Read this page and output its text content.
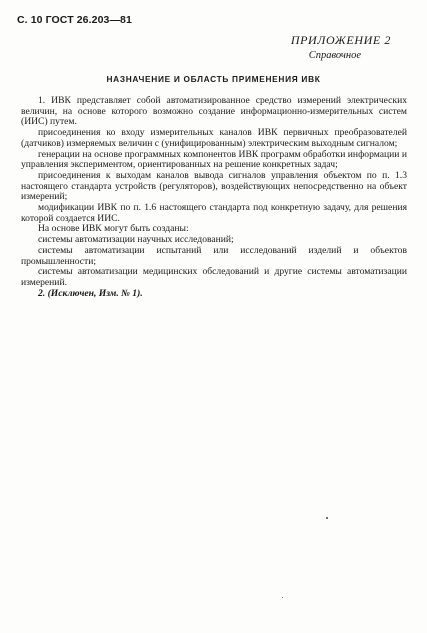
С. 10 ГОСТ 26.203—81
ПРИЛОЖЕНИЕ 2
Справочное
НАЗНАЧЕНИЕ И ОБЛАСТЬ ПРИМЕНЕНИЯ ИВК

1. ИВК представляет собой автоматизированное средство измерений электрических величин, на основе которого возможно создание информационно-измерительных систем (ИИС) путем.

присоединения ко входу измерительных каналов ИВК первичных преобразователей (датчиков) измеряемых величин с (унифицированным) электрическим выходным сигналом;

генерации на основе программных компонентов ИВК программ обработки информации и управления экспериментом, ориентированных на решение конкретных задач;

присоединения к выходам каналов вывода сигналов управления объектом по п. 1.3 настоящего стандарта устройств (регуляторов), воздействующих непосредственно на объект измерений;

модификации ИВК по п. 1.6 настоящего стандарта под конкретную задачу, для решения которой создается ИИС.

На основе ИВК могут быть созданы:

системы автоматизации научных исследований;

системы автоматизации испытаний или исследований изделий и объектов промышленности;

системы автоматизации медицинских обследований и другие системы автоматизации измерений.

2. (Исключен, Изм. № 1).
